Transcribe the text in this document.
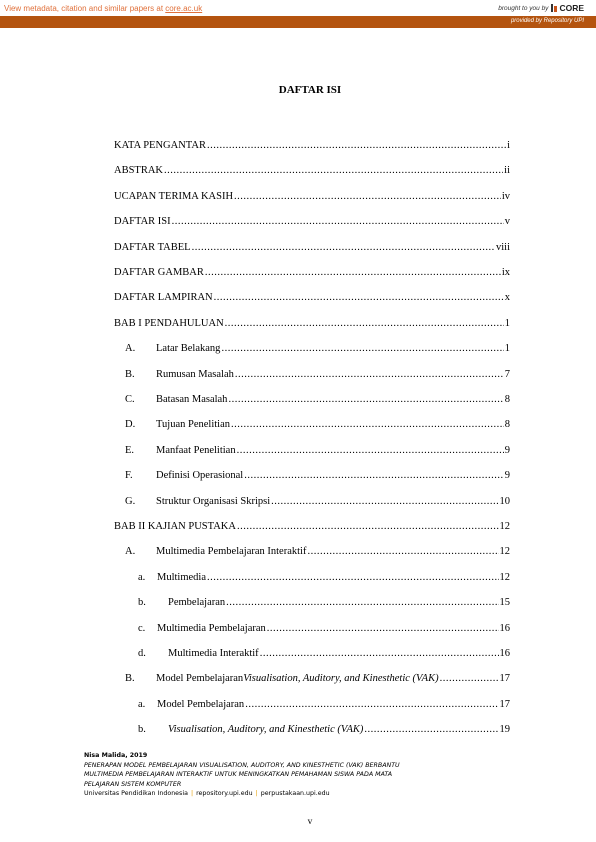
View metadata, citation and similar papers at core.ac.uk	brought to you by CORE
provided by Repository UPI
DAFTAR ISI
KATA PENGANTAR .....	i
ABSTRAK .....	ii
UCAPAN TERIMA KASIH .....	iv
DAFTAR ISI .....	v
DAFTAR TABEL .....	viii
DAFTAR GAMBAR .....	ix
DAFTAR LAMPIRAN .....	x
BAB I PENDAHULUAN .....	1
A.	Latar Belakang .....	1
B.	Rumusan Masalah .....	7
C.	Batasan Masalah .....	8
D.	Tujuan Penelitian .....	8
E.	Manfaat Penelitian .....	9
F.	Definisi Operasional .....	9
G.	Struktur Organisasi Skripsi .....	10
BAB II KAJIAN PUSTAKA .....	12
A.	Multimedia Pembelajaran Interaktif .....	12
a.	Multimedia .....	12
b.	Pembelajaran .....	15
c.	Multimedia Pembelajaran .....	16
d.	Multimedia Interaktif .....	16
B.	Model Pembelajaran Visualisation, Auditory, and Kinesthetic (VAK) .....	17
a.	Model Pembelajaran .....	17
b.	Visualisation, Auditory, and Kinesthetic (VAK) .....	19
Nisa Malida, 2019
PENERAPAN MODEL PEMBELAJARAN VISUALISATION, AUDITORY, AND KINESTHETIC (VAK) BERBANTU
MULTIMEDIA PEMBELAJARAN INTERAKTIF UNTUK MENINGKATKAN PEMAHAMAN SISWA PADA MATA
PELAJARAN SISTEM KOMPUTER
Universitas Pendidikan Indonesia | repository.upi.edu | perpustakaan.upi.edu
v
